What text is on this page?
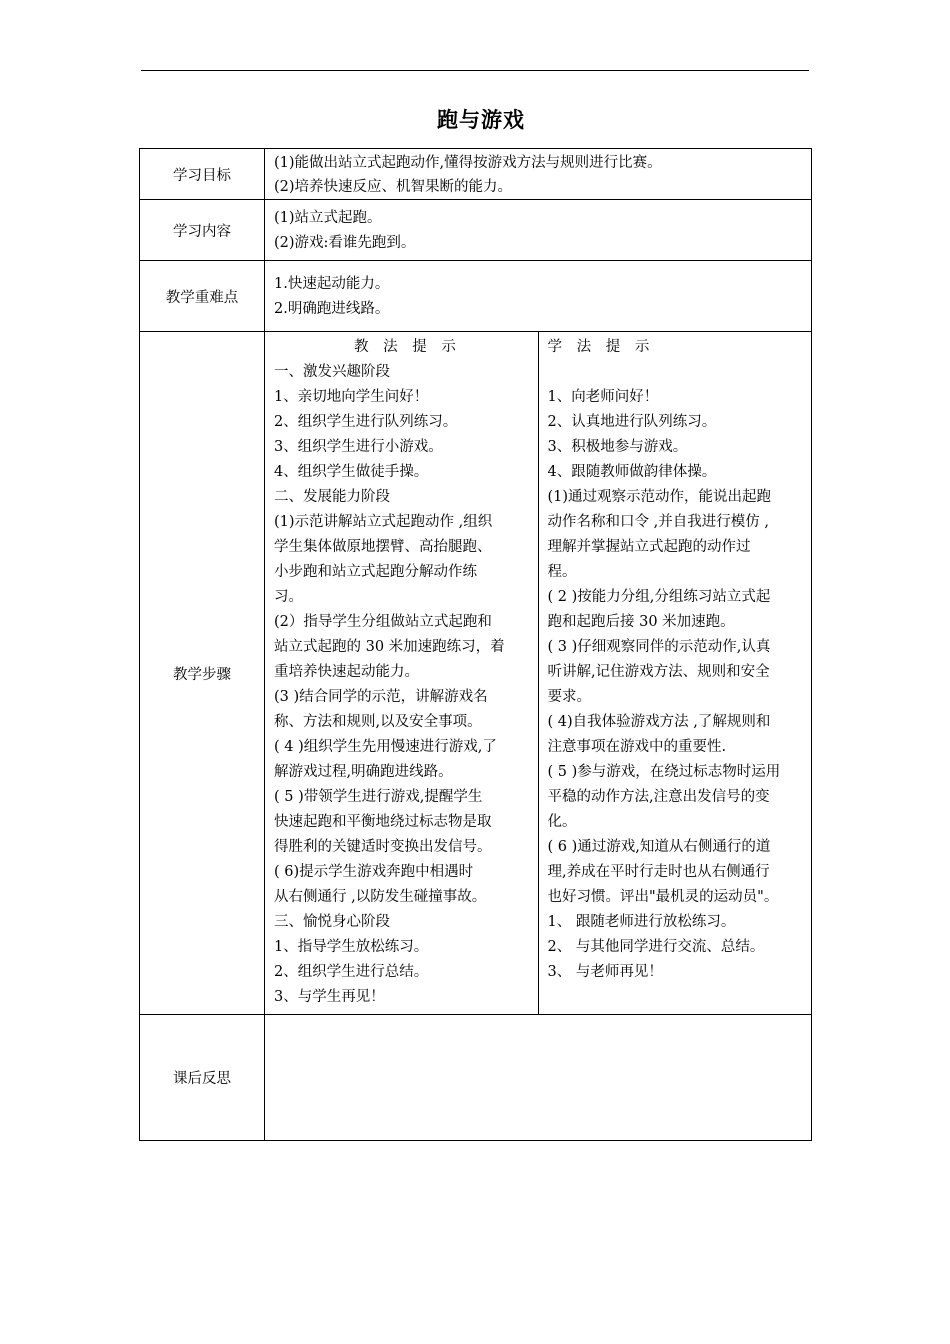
跑与游戏
学习目标	
(1)能做出站立式起跑动作,懂得按游戏方法与规则进行比赛。
(2)培养快速反应、机智果断的能力。

学习内容	
(1)站立式起跑。
(2)游戏:看谁先跑到。

教学重难点	
1.快速起动能力。
2.明确跑进线路。

教学步骤	
教 法 提 示
一、激发兴趣阶段
1、亲切地向学生问好！
2、组织学生进行队列练习。
3、组织学生进行小游戏。
4、组织学生做徒手操。
二、发展能力阶段
(1)示范讲解站立式起跑动作 ,组织
学生集体做原地摆臂、高抬腿跑、
小步跑和站立式起跑分解动作练
习。
(2）指导学生分组做站立式起跑和
站立式起跑的 30 米加速跑练习，着
重培养快速起动能力。
(3 )结合同学的示范，讲解游戏名
称、方法和规则,以及安全事项。
( 4 )组织学生先用慢速进行游戏,了
解游戏过程,明确跑进线路。
( 5 )带领学生进行游戏,提醒学生
快速起跑和平衡地绕过标志物是取
得胜利的关键适时变换出发信号。
( 6)提示学生游戏奔跑中相遇时
从右侧通行 ,以防发生碰撞事故。
三、愉悦身心阶段
1、指导学生放松练习。
2、组织学生进行总结。
3、与学生再见！

学 法 提 示
1、向老师问好！
2、认真地进行队列练习。
3、积极地参与游戏。
4、跟随教师做韵律体操。
(1)通过观察示范动作，能说出起跑
动作名称和口令 ,并自我进行模仿 ,
理解并掌握站立式起跑的动作过
程。
( 2 )按能力分组,分组练习站立式起
跑和起跑后接 30 米加速跑。
( 3 )仔细观察同伴的示范动作,认真
听讲解,记住游戏方法、规则和安全
要求。
( 4)自我体验游戏方法 ,了解规则和
注意事项在游戏中的重要性.
( 5 )参与游戏，在绕过标志物时运用
平稳的动作方法,注意出发信号的变
化。
( 6 )通过游戏,知道从右侧通行的道
理,养成在平时行走时也从右侧通行
也好习惯。评出"最机灵的运动员"。
1、 跟随老师进行放松练习。
2、 与其他同学进行交流、总结。
3、 与老师再见！

课后反思	
